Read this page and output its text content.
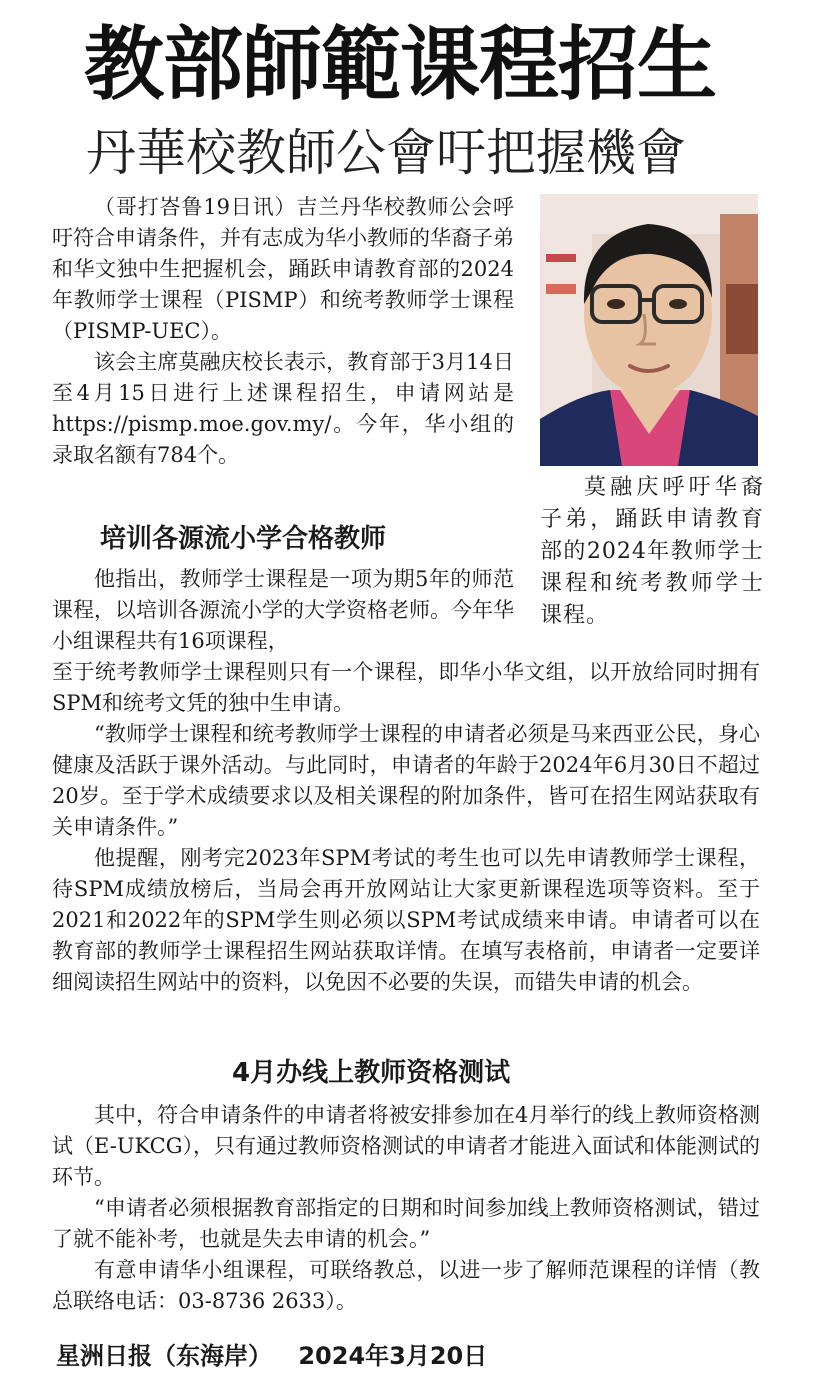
教部師範课程招生
丹華校教師公會吁把握機會

（哥打峇鲁19日讯）吉兰丹华校教师公会呼吁符合申请条件，并有志成为华小教师的华裔子弟和华文独中生把握机会，踊跃申请教育部的2024年教师学士课程（PISMP）和统考教师学士课程（PISMP-UEC）。

该会主席莫融庆校长表示，教育部于3月14日至4月15日进行上述课程招生，申请网站是 https://pismp.moe.gov.my/。今年，华小组的录取名额有784个。

培训各源流小学合格教师

他指出，教师学士课程是一项为期5年的师范课程，以培训各源流小学的大学资格老师。今年华小组课程共有16项课程，

莫融庆呼吁华裔子弟，踊跃申请教育部的2024年教师学士课程和统考教师学士课程。

至于统考教师学士课程则只有一个课程，即华小华文组，以开放给同时拥有SPM和统考文凭的独中生申请。

“教师学士课程和统考教师学士课程的申请者必须是马来西亚公民，身心健康及活跃于课外活动。与此同时，申请者的年龄于2024年6月30日不超过20岁。至于学术成绩要求以及相关课程的附加条件，皆可在招生网站获取有关申请条件。”

他提醒，刚考完2023年SPM考试的考生也可以先申请教师学士课程，待SPM成绩放榜后，当局会再开放网站让大家更新课程选项等资料。至于2021和2022年的SPM学生则必须以SPM考试成绩来申请。申请者可以在教育部的教师学士课程招生网站获取详情。在填写表格前，申请者一定要详细阅读招生网站中的资料，以免因不必要的失误，而错失申请的机会。

4月办线上教师资格测试

其中，符合申请条件的申请者将被安排参加在4月举行的线上教师资格测试（E-UKCG），只有通过教师资格测试的申请者才能进入面试和体能测试的环节。

“申请者必须根据教育部指定的日期和时间参加线上教师资格测试，错过了就不能补考，也就是失去申请的机会。”

有意申请华小组课程，可联络教总，以进一步了解师范课程的详情（教总联络电话：03-8736 2633）。

星洲日报（东海岸） 2024年3月20日
